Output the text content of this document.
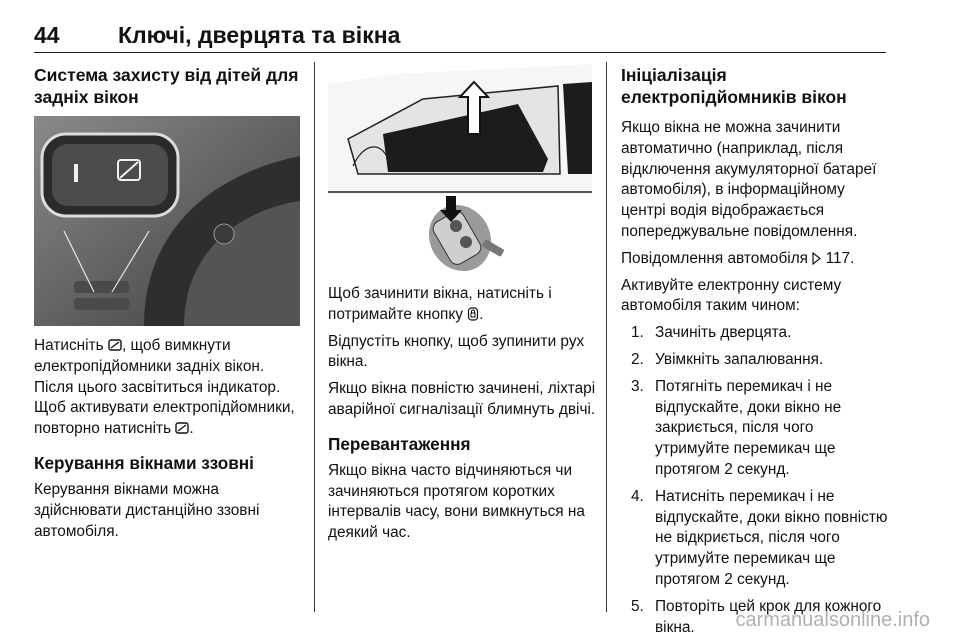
44	Ключі, дверцята та вікна
Система захисту від дітей для задніх вікон

Натисніть , щоб вимкнути електропідйомники задніх вікон. Після цього засвітиться індикатор. Щоб активувати електропідйомники, повторно натисніть .

Керування вікнами ззовні

Керування вікнами можна здійснювати дистанційно ззовні автомобіля.

Щоб зачинити вікна, натисніть і потримайте кнопку .

Відпустіть кнопку, щоб зупинити рух вікна.

Якщо вікна повністю зачинені, ліхтарі аварійної сигналізації блимнуть двічі.

Перевантаження

Якщо вікна часто відчиняються чи зачиняються протягом коротких інтервалів часу, вони вимкнуться на деякий час.

Ініціалізація електропідйомників вікон

Якщо вікна не можна зачинити автоматично (наприклад, після відключення акумуляторної батареї автомобіля), в інформаційному центрі водія відображається попереджувальне повідомлення.

Повідомлення автомобіля 117.

Активуйте електронну систему автомобіля таким чином:

1. Зачиніть дверцята.
2. Увімкніть запалювання.
3. Потягніть перемикач і не відпускайте, доки вікно не закриється, після чого утримуйте перемикач ще протягом 2 секунд.
4. Натисніть перемикач і не відпускайте, доки вікно повністю не відкриється, після чого утримуйте перемикач ще протягом 2 секунд.
5. Повторіть цей крок для кожного вікна.	carmanualsonline.info
